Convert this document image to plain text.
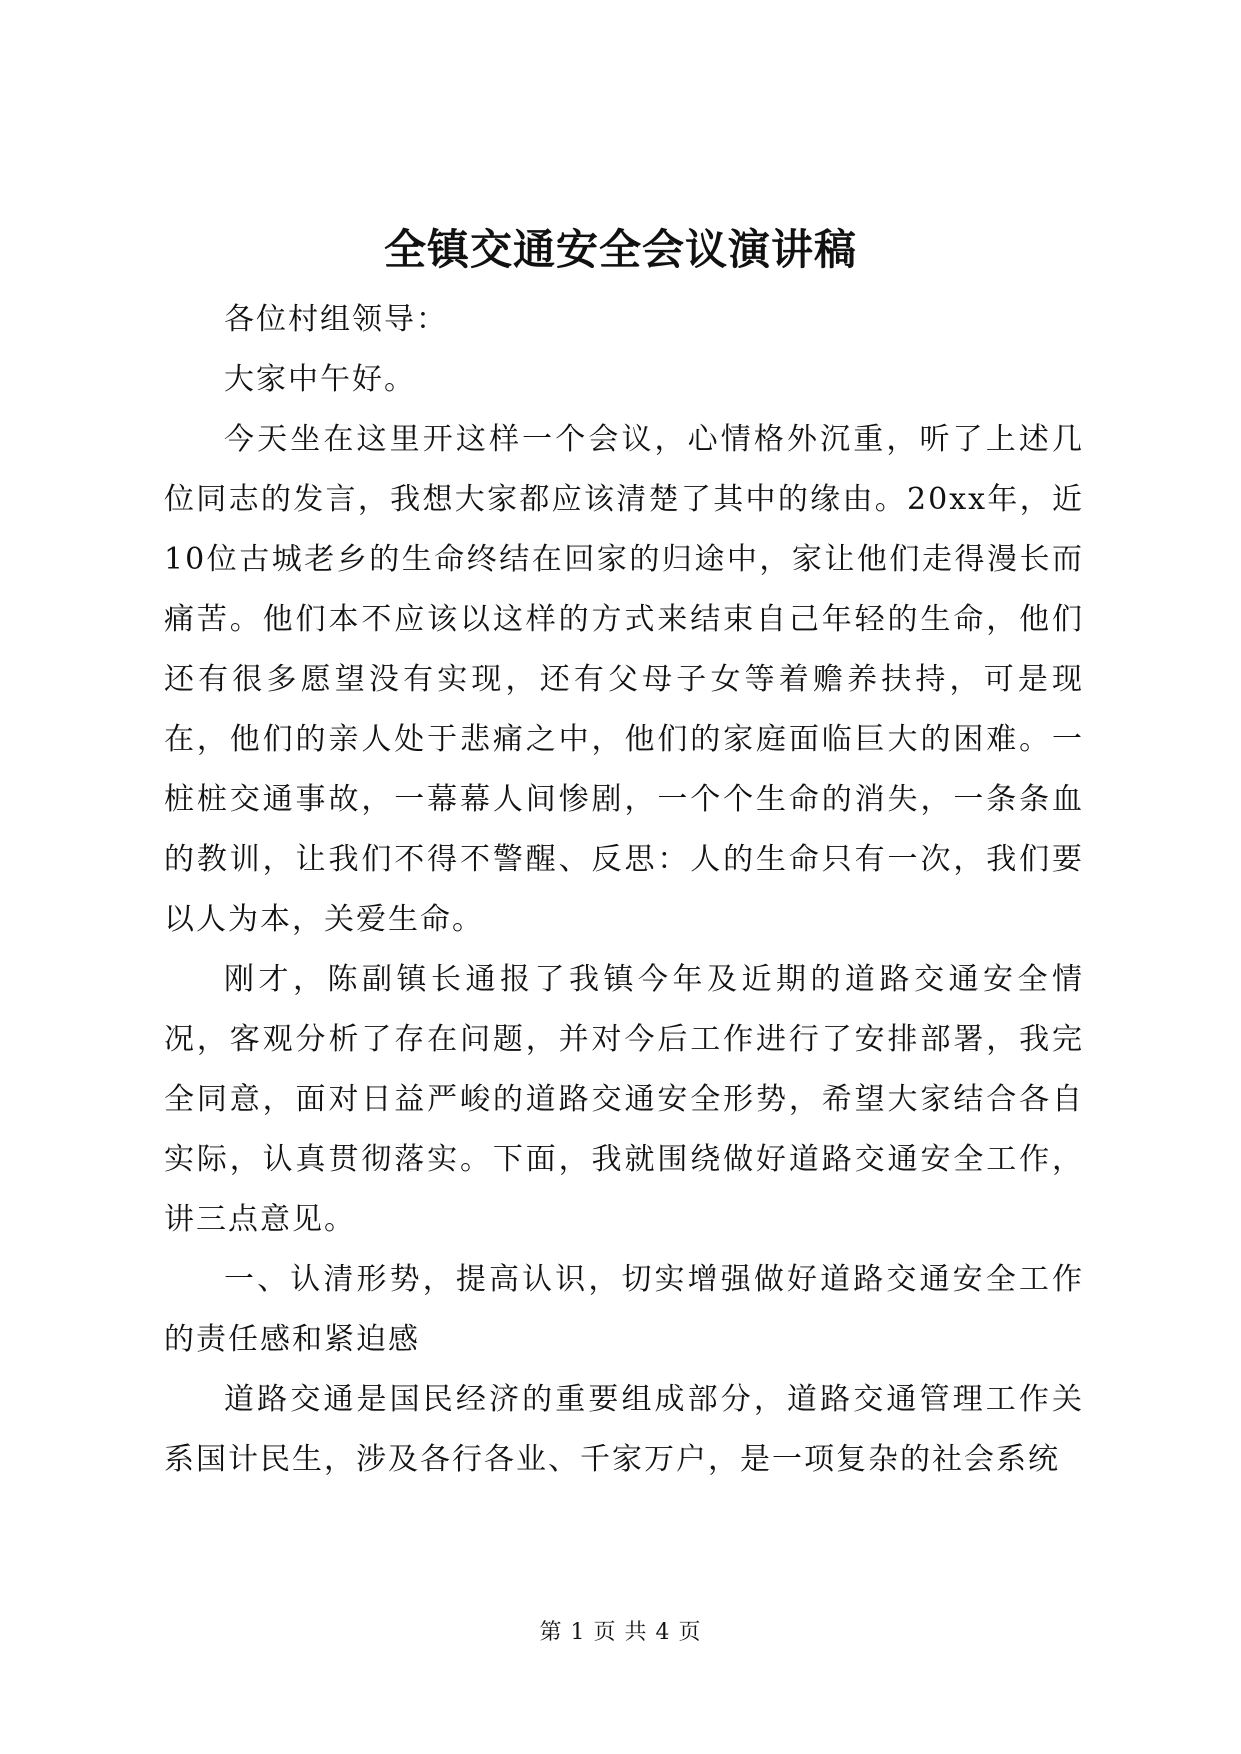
全镇交通安全会议演讲稿

各位村组领导：

大家中午好。

今天坐在这里开这样一个会议，心情格外沉重，听了上述几位同志的发言，我想大家都应该清楚了其中的缘由。20xx年，近10位古城老乡的生命终结在回家的归途中，家让他们走得漫长而痛苦。他们本不应该以这样的方式来结束自己年轻的生命，他们还有很多愿望没有实现，还有父母子女等着赡养扶持，可是现在，他们的亲人处于悲痛之中，他们的家庭面临巨大的困难。一桩桩交通事故，一幕幕人间惨剧，一个个生命的消失，一条条血的教训，让我们不得不警醒、反思：人的生命只有一次，我们要以人为本，关爱生命。

刚才，陈副镇长通报了我镇今年及近期的道路交通安全情况，客观分析了存在问题，并对今后工作进行了安排部署，我完全同意，面对日益严峻的道路交通安全形势，希望大家结合各自实际，认真贯彻落实。下面，我就围绕做好道路交通安全工作，讲三点意见。

一、认清形势，提高认识，切实增强做好道路交通安全工作的责任感和紧迫感

道路交通是国民经济的重要组成部分，道路交通管理工作关系国计民生，涉及各行各业、千家万户，是一项复杂的社会系统

第 1 页 共 4 页
